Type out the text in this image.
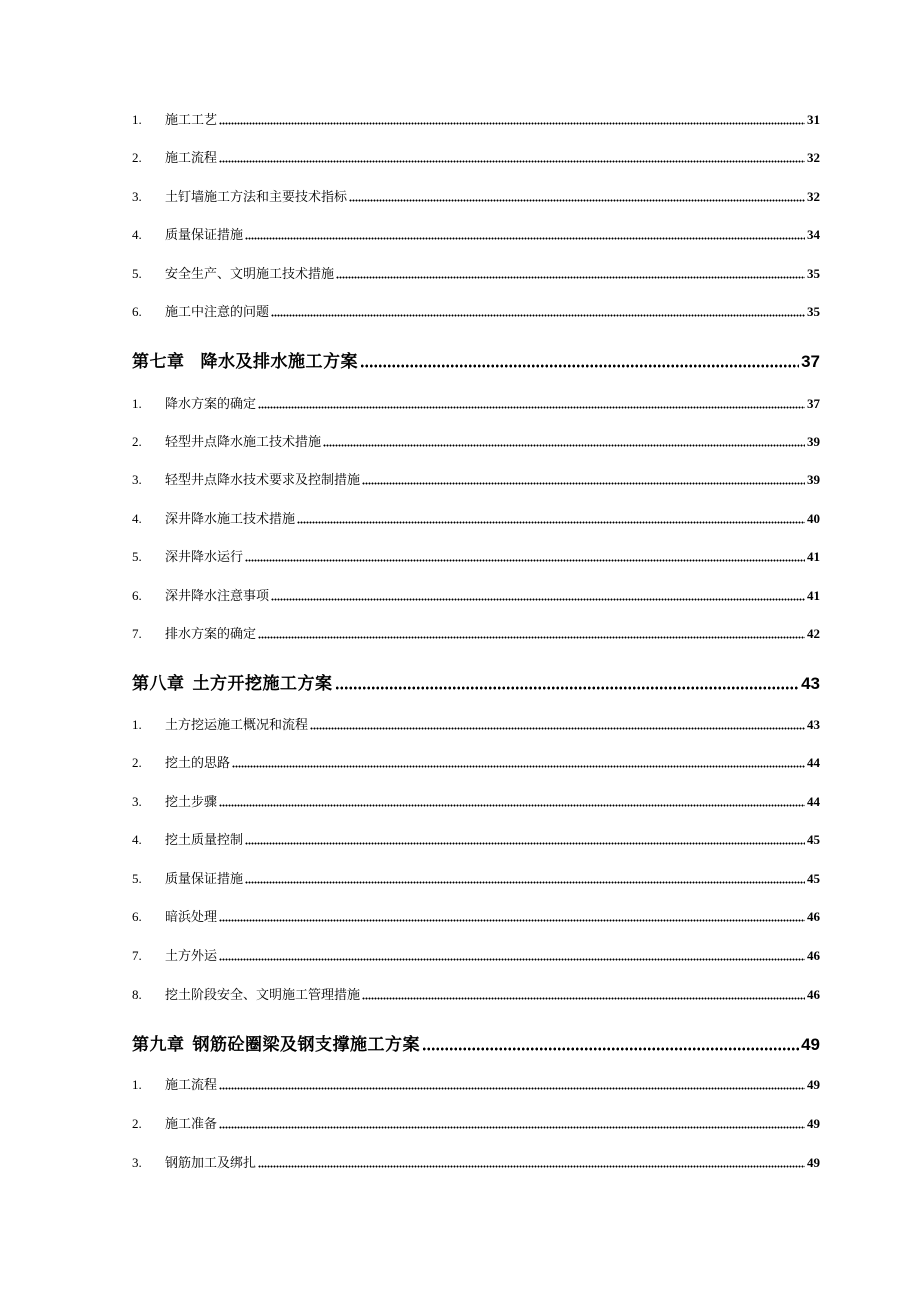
1.	施工工艺	31
2.	施工流程	32
3.	土钉墙施工方法和主要技术指标	32
4.	质量保证措施	34
5.	安全生产、文明施工技术措施	35
6.	施工中注意的问题	35
第七章 降水及排水施工方案	37
1.	降水方案的确定	37
2.	轻型井点降水施工技术措施	39
3.	轻型井点降水技术要求及控制措施	39
4.	深井降水施工技术措施	40
5.	深井降水运行	41
6.	深井降水注意事项	41
7.	排水方案的确定	42
第八章 土方开挖施工方案	43
1.	土方挖运施工概况和流程	43
2.	挖土的思路	44
3.	挖土步骤	44
4.	挖土质量控制	45
5.	质量保证措施	45
6.	暗浜处理	46
7.	土方外运	46
8.	挖土阶段安全、文明施工管理措施	46
第九章 钢筋砼圈梁及钢支撑施工方案	49
1.	施工流程	49
2.	施工准备	49
3.	钢筋加工及绑扎	49
